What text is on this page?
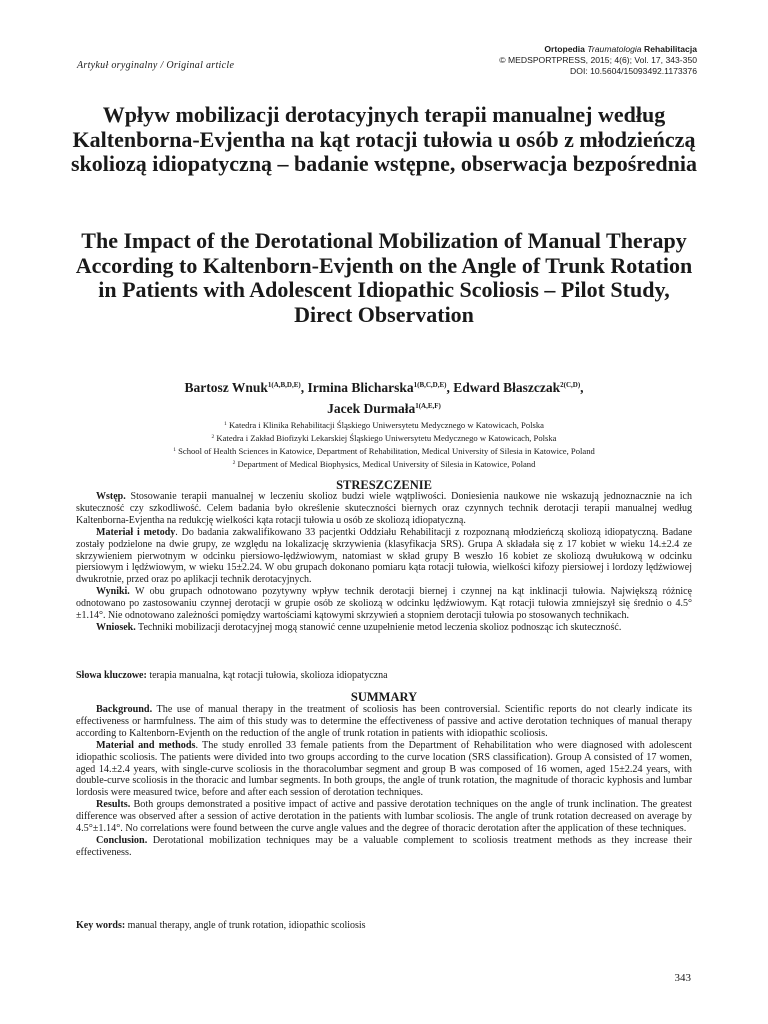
Artykuł oryginalny / Original article
Ortopedia Traumatologia Rehabilitacja
© MEDSPORTPRESS, 2015; 4(6); Vol. 17, 343-350
DOI: 10.5604/15093492.1173376
Wpływ mobilizacji derotacyjnych terapii manualnej według Kaltenborna-Evjentha na kąt rotacji tułowia u osób z młodzieńczą skoliozą idiopatyczną – badanie wstępne, obserwacja bezpośrednia
The Impact of the Derotational Mobilization of Manual Therapy According to Kaltenborn-Evjenth on the Angle of Trunk Rotation in Patients with Adolescent Idiopathic Scoliosis – Pilot Study, Direct Observation
Bartosz Wnuk$^{1(A,B,D,E)}$, Irmina Blicharska$^{1(B,C,D,E)}$, Edward Błaszczak$^{2(C,D)}$,
Jacek Durmała$^{1(A,E,F)}$
$^1$ Katedra i Klinika Rehabilitacji Śląskiego Uniwersytetu Medycznego w Katowicach, Polska
$^2$ Katedra i Zakład Biofizyki Lekarskiej Śląskiego Uniwersytetu Medycznego w Katowicach, Polska
$^1$ School of Health Sciences in Katowice, Department of Rehabilitation, Medical University of Silesia in Katowice, Poland
$^2$ Department of Medical Biophysics, Medical University of Silesia in Katowice, Poland
STRESZCZENIE

Wstęp. Stosowanie terapii manualnej w leczeniu skolioz budzi wiele wątpliwości. Doniesienia naukowe nie wskazują jednoznacznie na ich skuteczność czy szkodliwość. Celem badania było określenie skuteczności biernych oraz czynnych technik derotacji terapii manualnej według Kaltenborna-Evjentha na redukcję wielkości kąta rotacji tułowia u osób ze skoliozą idiopatyczną.

Materiał i metody. Do badania zakwalifikowano 33 pacjentki Oddziału Rehabilitacji z rozpoznaną młodzieńczą skoliozą idiopatyczną. Badane zostały podzielone na dwie grupy, ze względu na lokalizację skrzywienia (klasyfikacja SRS). Grupa A składała się z 17 kobiet w wieku 14.±2.4 ze skrzywieniem pierwotnym w odcinku piersiowo-lędźwiowym, natomiast w skład grupy B weszło 16 kobiet ze skoliozą dwułukową w odcinku piersiowym i lędźwiowym, w wieku 15±2.24. W obu grupach dokonano pomiaru kąta rotacji tułowia, wielkości kifozy piersiowej i lordozy lędźwiowej dwukrotnie, przed oraz po aplikacji technik derotacyjnych.

Wyniki. W obu grupach odnotowano pozytywny wpływ technik derotacji biernej i czynnej na kąt inklinacji tułowia. Największą różnicę odnotowano po zastosowaniu czynnej derotacji w grupie osób ze skoliozą w odcinku lędźwiowym. Kąt rotacji tułowia zmniejszył się średnio o 4.5°±1.14°. Nie odnotowano zależności pomiędzy wartościami kątowymi skrzywień a stopniem derotacji tułowia po stosowanych technikach.

Wniosek. Techniki mobilizacji derotacyjnej mogą stanowić cenne uzupełnienie metod leczenia skolioz podnosząc ich skuteczność.

Słowa kluczowe: terapia manualna, kąt rotacji tułowia, skolioza idiopatyczna
SUMMARY

Background. The use of manual therapy in the treatment of scoliosis has been controversial. Scientific reports do not clearly indicate its effectiveness or harmfulness. The aim of this study was to determine the effectiveness of passive and active derotation techniques of manual therapy according to Kaltenborn-Evjenth on the reduction of the angle of trunk rotation in patients with idiopathic scoliosis.

Material and methods. The study enrolled 33 female patients from the Department of Rehabilitation who were diagnosed with adolescent idiopathic scoliosis. The patients were divided into two groups according to the curve location (SRS classification). Group A consisted of 17 women, aged 14.±2.4 years, with single-curve scoliosis in the thoracolumbar segment and group B was composed of 16 women, aged 15±2.24 years, with double-curve scoliosis in the thoracic and lumbar segments. In both groups, the angle of trunk rotation, the magnitude of thoracic kyphosis and lumbar lordosis were measured twice, before and after each session of derotation techniques.

Results. Both groups demonstrated a positive impact of active and passive derotation techniques on the angle of trunk inclination. The greatest difference was observed after a session of active derotation in the patients with lumbar scoliosis. The angle of trunk rotation decreased on average by 4.5°±1.14°. No correlations were found between the curve angle values and the degree of thoracic derotation after the application of these techniques.

Conclusion. Derotational mobilization techniques may be a valuable complement to scoliosis treatment methods as they increase their effectiveness.

Key words: manual therapy, angle of trunk rotation, idiopathic scoliosis
343
